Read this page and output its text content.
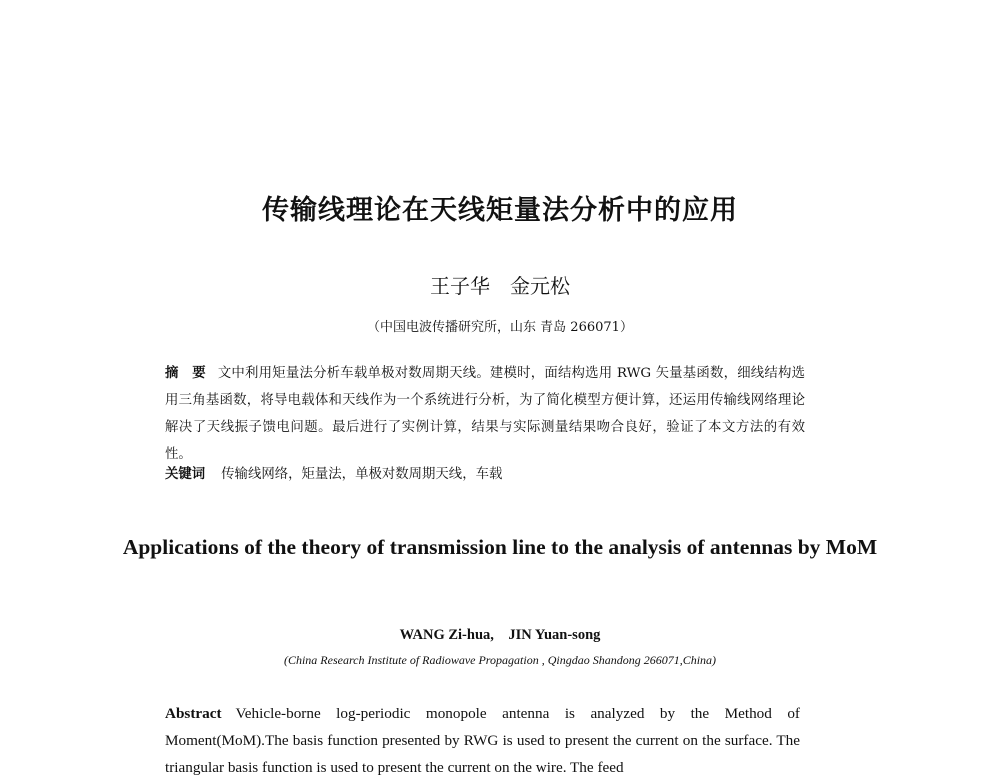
传输线理论在天线矩量法分析中的应用
王子华　金元松
（中国电波传播研究所，山东 青岛 266071）
摘　要 文中利用矩量法分析车载单极对数周期天线。建模时，面结构选用 RWG 矢量基函数，细线结构选用三角基函数，将导电载体和天线作为一个系统进行分析，为了简化模型方便计算，还运用传输线网络理论解决了天线振子馈电问题。最后进行了实例计算，结果与实际测量结果吻合良好，验证了本文方法的有效性。
关键词 传输线网络，矩量法，单极对数周期天线，车载
Applications of the theory of transmission line to the analysis of antennas by MoM
WANG Zi-hua,    JIN Yuan-song
(China Research Institute of Radiowave Propagation , Qingdao Shandong 266071,China)
Abstract Vehicle-borne log-periodic monopole antenna is analyzed by the Method of Moment(MoM).The basis function presented by RWG is used to present the current on the surface. The triangular basis function is used to present the current on the wire. The feed
